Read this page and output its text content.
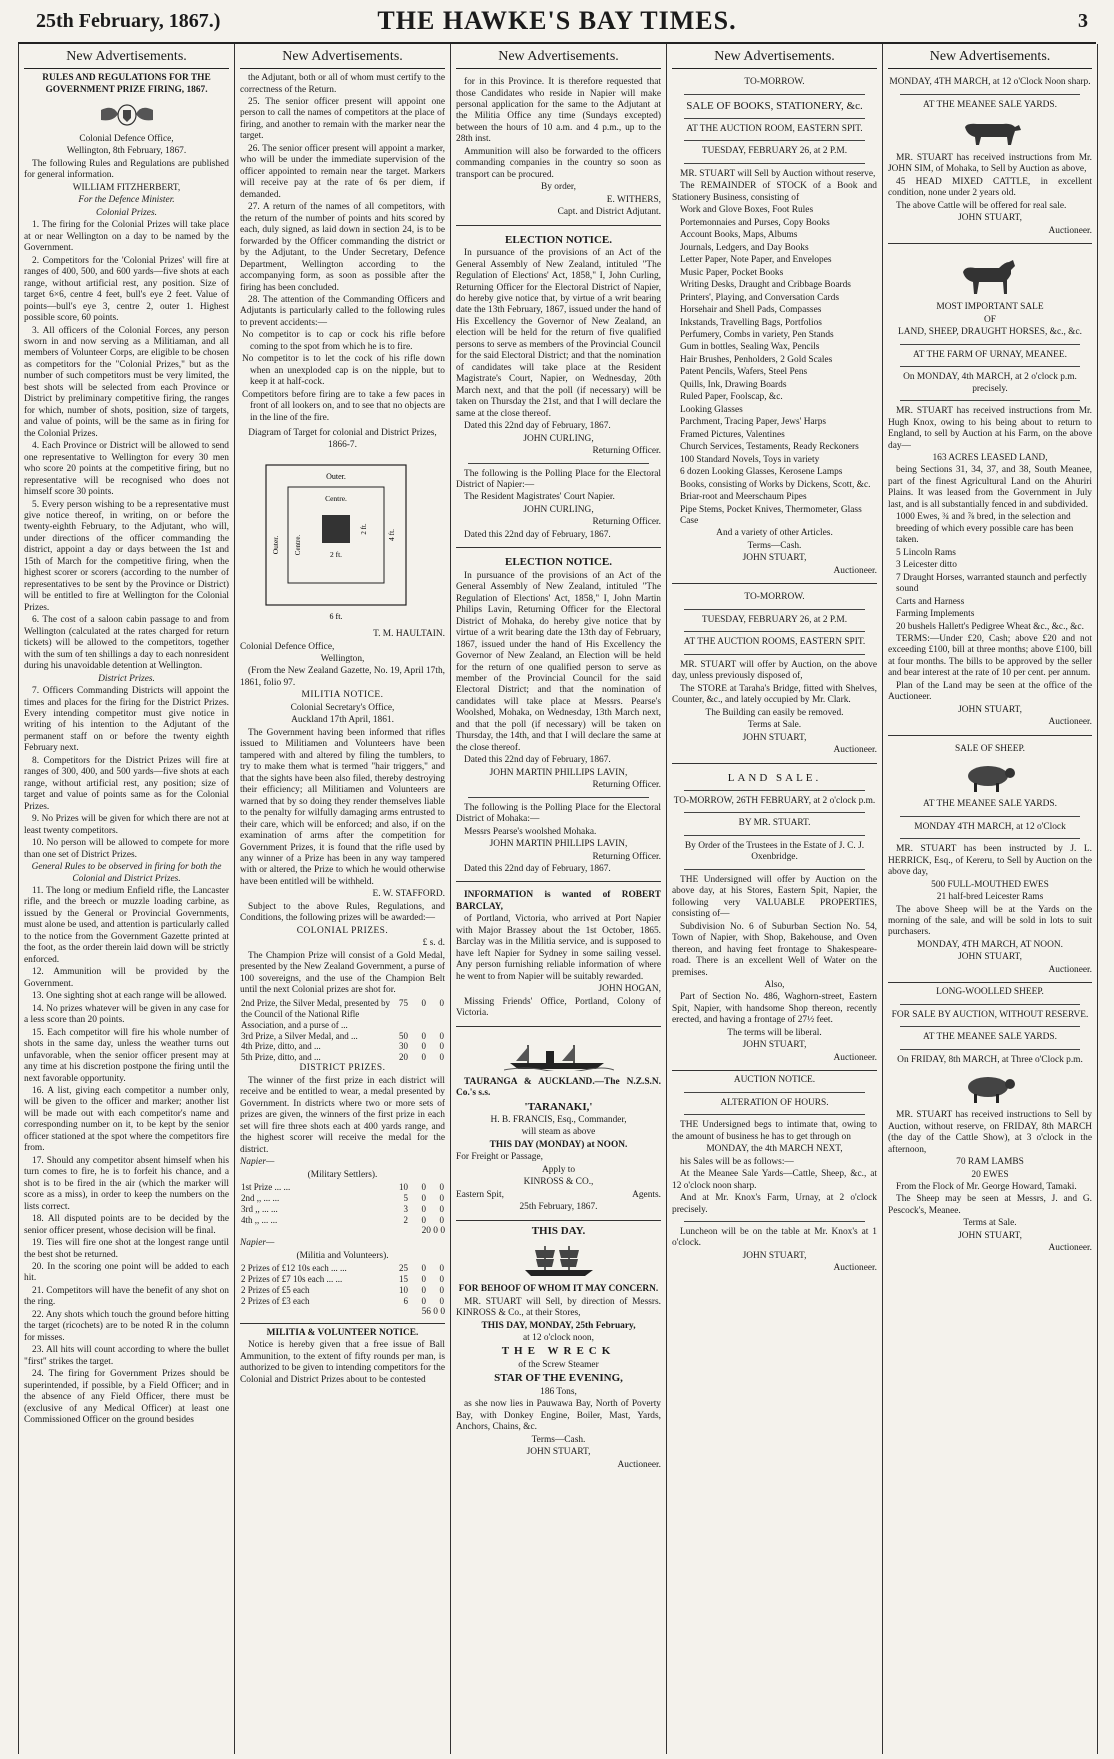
25th February, 1867.)	THE HAWKE'S BAY TIMES.	3
New Advertisements.

RULES AND REGULATIONS FOR THE GOVERNMENT PRIZE FIRING, 1867.

Colonial Defence Office,

Wellington, 8th February, 1867.

The following Rules and Regulations are published for general information.

WILLIAM FITZHERBERT,

For the Defence Minister.

Colonial Prizes.

1. The firing for the Colonial Prizes will take place at or near Wellington on a day to be named by the Government.

2. Competitors for the 'Colonial Prizes' will fire at ranges of 400, 500, and 600 yards—five shots at each range, without artificial rest, any position. Size of target 6×6, centre 4 feet, bull's eye 2 feet. Value of points—bull's eye 3, centre 2, outer 1. Highest possible score, 60 points.

3. All officers of the Colonial Forces, any person sworn in and now serving as a Militiaman, and all members of Volunteer Corps, are eligible to be chosen as competitors for the "Colonial Prizes," but as the number of such competitors must be very limited, the best shots will be selected from each Province or District by preliminary competitive firing, the ranges for which, number of shots, position, size of targets, and value of points, will be the same as in firing for the Colonial Prizes.

4. Each Province or District will be allowed to send one representative to Wellington for every 30 men who score 20 points at the competitive firing, but no representative will be recognised who does not himself score 30 points.

5. Every person wishing to be a representative must give notice thereof, in writing, on or before the twenty-eighth February, to the Adjutant, who will, under directions of the officer commanding the district, appoint a day or days between the 1st and 15th of March for the competitive firing, when the highest scorer or scorers (according to the number of representatives to be sent by the Province or District) will be entitled to fire at Wellington for the Colonial Prizes.

6. The cost of a saloon cabin passage to and from Wellington (calculated at the rates charged for return tickets) will be allowed to the competitors, together with the sum of ten shillings a day to each nonresident during his unavoidable detention at Wellington.

District Prizes.

7. Officers Commanding Districts will appoint the times and places for the firing for the District Prizes. Every intending competitor must give notice in writing of his intention to the Adjutant of the permanent staff on or before the twenty eighth February next.

8. Competitors for the District Prizes will fire at ranges of 300, 400, and 500 yards—five shots at each range, without artificial rest, any position; size of target and value of points same as for the Colonial Prizes.

9. No Prizes will be given for which there are not at least twenty competitors.

10. No person will be allowed to compete for more than one set of District Prizes.

General Rules to be observed in firing for both the Colonial and District Prizes.

11. The long or medium Enfield rifle, the Lancaster rifle, and the breech or muzzle loading carbine, as issued by the General or Provincial Governments, must alone be used, and attention is particularly called to the notice from the Government Gazette printed at the foot, as the order therein laid down will be strictly enforced.

12. Ammunition will be provided by the Government.

13. One sighting shot at each range will be allowed.

14. No prizes whatever will be given in any case for a less score than 20 points.

15. Each competitor will fire his whole number of shots in the same day, unless the weather turns out unfavorable, when the senior officer present may at any time at his discretion postpone the firing until the next favorable opportunity.

16. A list, giving each competitor a number only, will be given to the officer and marker; another list will be made out with each competitor's name and corresponding number on it, to be kept by the senior officer stationed at the spot where the competitors fire from.

17. Should any competitor absent himself when his turn comes to fire, he is to forfeit his chance, and a shot is to be fired in the air (which the marker will score as a miss), in order to keep the numbers on the lists correct.

18. All disputed points are to be decided by the senior officer present, whose decision will be final.

19. Ties will fire one shot at the longest range until the best shot be returned.

20. In the scoring one point will be added to each hit.

21. Competitors will have the benefit of any shot on the ring.

22. Any shots which touch the ground before hitting the target (ricochets) are to be noted R in the column for misses.

23. All hits will count according to where the bullet "first" strikes the target.

24. The firing for Government Prizes should be superintended, if possible, by a Field Officer; and in the absence of any Field Officer, there must be (exclusive of any Medical Officer) at least one Commissioned Officer on the ground besides

New Advertisements.

the Adjutant, both or all of whom must certify to the correctness of the Return.

25. The senior officer present will appoint one person to call the names of competitors at the place of firing, and another to remain with the marker near the target.

26. The senior officer present will appoint a marker, who will be under the immediate supervision of the officer appointed to remain near the target. Markers will receive pay at the rate of 6s per diem, if demanded.

27. A return of the names of all competitors, with the return of the number of points and hits scored by each, duly signed, as laid down in section 24, is to be forwarded by the Officer commanding the district or by the Adjutant, to the Under Secretary, Defence Department, Wellington according to the accompanying form, as soon as possible after the firing has been concluded.

28. The attention of the Commanding Officers and Adjutants is particularly called to the following rules to prevent accidents:—

No competitor is to cap or cock his rifle before coming to the spot from which he is to fire.

No competitor is to let the cock of his rifle down when an unexploded cap is on the nipple, but to keep it at half-cock.

Competitors before firing are to take a few paces in front of all lookers on, and to see that no objects are in the line of the fire.

Diagram of Target for colonial and District Prizes, 1866-7.

Outer.
Centre.
Outer. Centre.
2 ft.
2 ft.
4 ft.
6 ft.

T. M. HAULTAIN.

Colonial Defence Office,

Wellington,

(From the New Zealand Gazette, No. 19, April 17th, 1861, folio 97.

MILITIA NOTICE.

Colonial Secretary's Office,

Auckland 17th April, 1861.

The Government having been informed that rifles issued to Militiamen and Volunteers have been tampered with and altered by filing the tumblers, to try to make them what is termed "hair triggers," and that the sights have been also filed, thereby destroying their efficiency; all Militiamen and Volunteers are warned that by so doing they render themselves liable to the penalty for wilfully damaging arms entrusted to their care, which will be enforced; and also, if on the examination of arms after the competition for Government Prizes, it is found that the rifle used by any winner of a Prize has been in any way tampered with or altered, the Prize to which he would otherwise have been entitled will be withheld.

E. W. STAFFORD.

Subject to the above Rules, Regulations, and Conditions, the following prizes will be awarded:—

COLONIAL PRIZES.

£ s. d.

The Champion Prize will consist of a Gold Medal, presented by the New Zealand Government, a purse of 100 sovereigns, and the use of the Champion Belt until the next Colonial prizes are shot for.

2nd Prize, the Silver Medal, presented by the Council of the National Rifle Association, and a purse of ...	75	0	0
3rd Prize, a Silver Medal, and ...	50	0	0
4th Prize, ditto, and ...	30	0	0
5th Prize, ditto, and ...	20	0	0

DISTRICT PRIZES.

The winner of the first prize in each district will receive and be entitled to wear, a medal presented by Government. In districts where two or more sets of prizes are given, the winners of the first prize in each set will fire three shots each at 400 yards range, and the highest scorer will receive the medal for the district.

Napier—

(Military Settlers).

1st Prize ... ...	10	0	0
2nd ,, ... ...	5	0	0
3rd ,, ... ...	3	0	0
4th ,, ... ...	2	0	0

20 0 0

Napier—

(Militia and Volunteers).

2 Prizes of £12 10s each ... ...	25	0	0
2 Prizes of £7 10s each ... ...	15	0	0
2 Prizes of £5 each	10	0	0
2 Prizes of £3 each	6	0	0

56 0 0

MILITIA & VOLUNTEER NOTICE.

Notice is hereby given that a free issue of Ball Ammunition, to the extent of fifty rounds per man, is authorized to be given to intending competitors for the Colonial and District Prizes about to be contested

New Advertisements.

for in this Province. It is therefore requested that those Candidates who reside in Napier will make personal application for the same to the Adjutant at the Militia Office any time (Sundays excepted) between the hours of 10 a.m. and 4 p.m., up to the 28th inst.

Ammunition will also be forwarded to the officers commanding companies in the country so soon as transport can be procured.

By order,

E. WITHERS,

Capt. and District Adjutant.

ELECTION NOTICE.

In pursuance of the provisions of an Act of the General Assembly of New Zealand, intituled "The Regulation of Elections' Act, 1858," I, John Curling, Returning Officer for the Electoral District of Napier, do hereby give notice that, by virtue of a writ bearing date the 13th February, 1867, issued under the hand of His Excellency the Governor of New Zealand, an election will be held for the return of five qualified persons to serve as members of the Provincial Council for the said Electoral District; and that the nomination of candidates will take place at the Resident Magistrate's Court, Napier, on Wednesday, 20th March next, and that the poll (if necessary) will be taken on Thursday the 21st, and that I will declare the same at the close thereof.

Dated this 22nd day of February, 1867.

JOHN CURLING,

Returning Officer.

The following is the Polling Place for the Electoral District of Napier:—

The Resident Magistrates' Court Napier.

JOHN CURLING,

Returning Officer.

Dated this 22nd day of February, 1867.

ELECTION NOTICE.

In pursuance of the provisions of an Act of the General Assembly of New Zealand, intituled "The Regulation of Elections' Act, 1858," I, John Martin Philips Lavin, Returning Officer for the Electoral District of Mohaka, do hereby give notice that by virtue of a writ bearing date the 13th day of February, 1867, issued under the hand of His Excellency the Governor of New Zealand, an Election will be held for the return of one qualified person to serve as member of the Provincial Council for the said Electoral District; and that the nomination of candidates will take place at Messrs. Pearse's Woolshed, Mohaka, on Wednesday, 13th March next, and that the poll (if necessary) will be taken on Thursday, the 14th, and that I will declare the same at the close thereof.

Dated this 22nd day of February, 1867.

JOHN MARTIN PHILLIPS LAVIN,

Returning Officer.

The following is the Polling Place for the Electoral District of Mohaka:—

Messrs Pearse's woolshed Mohaka.

JOHN MARTIN PHILLIPS LAVIN,

Returning Officer.

Dated this 22nd day of February, 1867.

INFORMATION is wanted of ROBERT BARCLAY,

of Portland, Victoria, who arrived at Port Napier with Major Brassey about the 1st October, 1865. Barclay was in the Militia service, and is supposed to have left Napier for Sydney in some sailing vessel. Any person furnishing reliable information of where he went to from Napier will be suitably rewarded.

JOHN HOGAN,

Missing Friends' Office, Portland, Colony of Victoria.

TAURANGA & AUCKLAND.—The N.Z.S.N. Co.'s s.s.

'TARANAKI,'

H. B. FRANCIS, Esq., Commander,

will steam as above

THIS DAY (MONDAY) at NOON.

For Freight or Passage,

Apply to

KINROSS & CO.,

Eastern Spit,	Agents.

25th February, 1867.

THIS DAY.

FOR BEHOOF OF WHOM IT MAY CONCERN.

MR. STUART will Sell, by direction of Messrs. KINROSS & Co., at their Stores,

THIS DAY, MONDAY, 25th February,

at 12 o'clock noon,

THE WRECK

of the Screw Steamer

STAR OF THE EVENING,

186 Tons,

as she now lies in Pauwawa Bay, North of Poverty Bay, with Donkey Engine, Boiler, Mast, Yards, Anchors, Chains, &c.

Terms—Cash.

JOHN STUART,

Auctioneer.

New Advertisements.

TO-MORROW.

SALE OF BOOKS, STATIONERY, &c.

AT THE AUCTION ROOM, EASTERN SPIT.

TUESDAY, FEBRUARY 26, at 2 P.M.

MR. STUART will Sell by Auction without reserve,

The REMAINDER of STOCK of a Book and Stationery Business, consisting of

Work and Glove Boxes, Foot Rules

Portemonnaies and Purses, Copy Books

Account Books, Maps, Albums

Journals, Ledgers, and Day Books

Letter Paper, Note Paper, and Envelopes

Music Paper, Pocket Books

Writing Desks, Draught and Cribbage Boards

Printers', Playing, and Conversation Cards

Horsehair and Shell Pads, Compasses

Inkstands, Travelling Bags, Portfolios

Perfumery, Combs in variety, Pen Stands

Gum in bottles, Sealing Wax, Pencils

Hair Brushes, Penholders, 2 Gold Scales

Patent Pencils, Wafers, Steel Pens

Quills, Ink, Drawing Boards

Ruled Paper, Foolscap, &c.

Looking Glasses

Parchment, Tracing Paper, Jews' Harps

Framed Pictures, Valentines

Church Services, Testaments, Ready Reckoners

100 Standard Novels, Toys in variety

6 dozen Looking Glasses, Kerosene Lamps

Books, consisting of Works by Dickens, Scott, &c.

Briar-root and Meerschaum Pipes

Pipe Stems, Pocket Knives, Thermometer, Glass Case

And a variety of other Articles.

Terms—Cash.

JOHN STUART,

Auctioneer.

TO-MORROW.

TUESDAY, FEBRUARY 26, at 2 P.M.

AT THE AUCTION ROOMS, EASTERN SPIT.

MR. STUART will offer by Auction, on the above day, unless previously disposed of,

The STORE at Taraha's Bridge, fitted with Shelves, Counter, &c., and lately occupied by Mr. Clark.

The Building can easily be removed.

Terms at Sale.

JOHN STUART,

Auctioneer.

LAND SALE.

TO-MORROW, 26TH FEBRUARY, at 2 o'clock p.m.

BY MR. STUART.

By Order of the Trustees in the Estate of J. C. J. Oxenbridge.

THE Undersigned will offer by Auction on the above day, at his Stores, Eastern Spit, Napier, the following very VALUABLE PROPERTIES, consisting of—

Subdivision No. 6 of Suburban Section No. 54, Town of Napier, with Shop, Bakehouse, and Oven thereon, and having feet frontage to Shakespeare-road. There is an excellent Well of Water on the premises.

Also,

Part of Section No. 486, Waghorn-street, Eastern Spit, Napier, with handsome Shop thereon, recently erected, and having a frontage of 27½ feet.

The terms will be liberal.

JOHN STUART,

Auctioneer.

AUCTION NOTICE.

ALTERATION OF HOURS.

THE Undersigned begs to intimate that, owing to the amount of business he has to get through on

MONDAY, the 4th MARCH NEXT,

his Sales will be as follows:—

At the Meanee Sale Yards—Cattle, Sheep, &c., at 12 o'clock noon sharp.

And at Mr. Knox's Farm, Urnay, at 2 o'clock precisely.

Luncheon will be on the table at Mr. Knox's at 1 o'clock.

JOHN STUART,

Auctioneer.

New Advertisements.

MONDAY, 4TH MARCH, at 12 o'Clock Noon sharp.

AT THE MEANEE SALE YARDS.

MR. STUART has received instructions from Mr. JOHN SIM, of Mohaka, to Sell by Auction as above,

45 HEAD MIXED CATTLE, in excellent condition, none under 2 years old.

The above Cattle will be offered for real sale.

JOHN STUART,

Auctioneer.

MOST IMPORTANT SALE

OF

LAND, SHEEP, DRAUGHT HORSES, &c., &c.

AT THE FARM OF URNAY, MEANEE.

On MONDAY, 4th MARCH, at 2 o'clock p.m. precisely.

MR. STUART has received instructions from Mr. Hugh Knox, owing to his being about to return to England, to sell by Auction at his Farm, on the above day—

163 ACRES LEASED LAND,

being Sections 31, 34, 37, and 38, South Meanee, part of the finest Agricultural Land on the Ahuriri Plains. It was leased from the Government in July last, and is all substantially fenced in and subdivided.

1000 Ewes, ¾ and ⅞ bred, in the selection and breeding of which every possible care has been taken.

5 Lincoln Rams

3 Leicester ditto

7 Draught Horses, warranted staunch and perfectly sound

Carts and Harness

Farming Implements

20 bushels Hallett's Pedigree Wheat &c., &c., &c.

TERMS:—Under £20, Cash; above £20 and not exceeding £100, bill at three months; above £100, bill at four months. The bills to be approved by the seller and bear interest at the rate of 10 per cent. per annum.

Plan of the Land may be seen at the office of the Auctioneer.

JOHN STUART,

Auctioneer.

SALE OF SHEEP.

AT THE MEANEE SALE YARDS.

MONDAY 4TH MARCH, at 12 o'Clock

MR. STUART has been instructed by J. L. HERRICK, Esq., of Kereru, to Sell by Auction on the above day,

500 FULL-MOUTHED EWES

21 half-bred Leicester Rams

The above Sheep will be at the Yards on the morning of the sale, and will be sold in lots to suit purchasers.

MONDAY, 4TH MARCH, AT NOON.

JOHN STUART,

Auctioneer.

LONG-WOOLLED SHEEP.

FOR SALE BY AUCTION, WITHOUT RESERVE.

AT THE MEANEE SALE YARDS.

On FRIDAY, 8th MARCH, at Three o'Clock p.m.

MR. STUART has received instructions to Sell by Auction, without reserve, on FRIDAY, 8th MARCH (the day of the Cattle Show), at 3 o'clock in the afternoon,

70 RAM LAMBS

20 EWES

From the Flock of Mr. George Howard, Tamaki.

The Sheep may be seen at Messrs, J. and G. Pescock's, Meanee.

Terms at Sale.

JOHN STUART,

Auctioneer.
